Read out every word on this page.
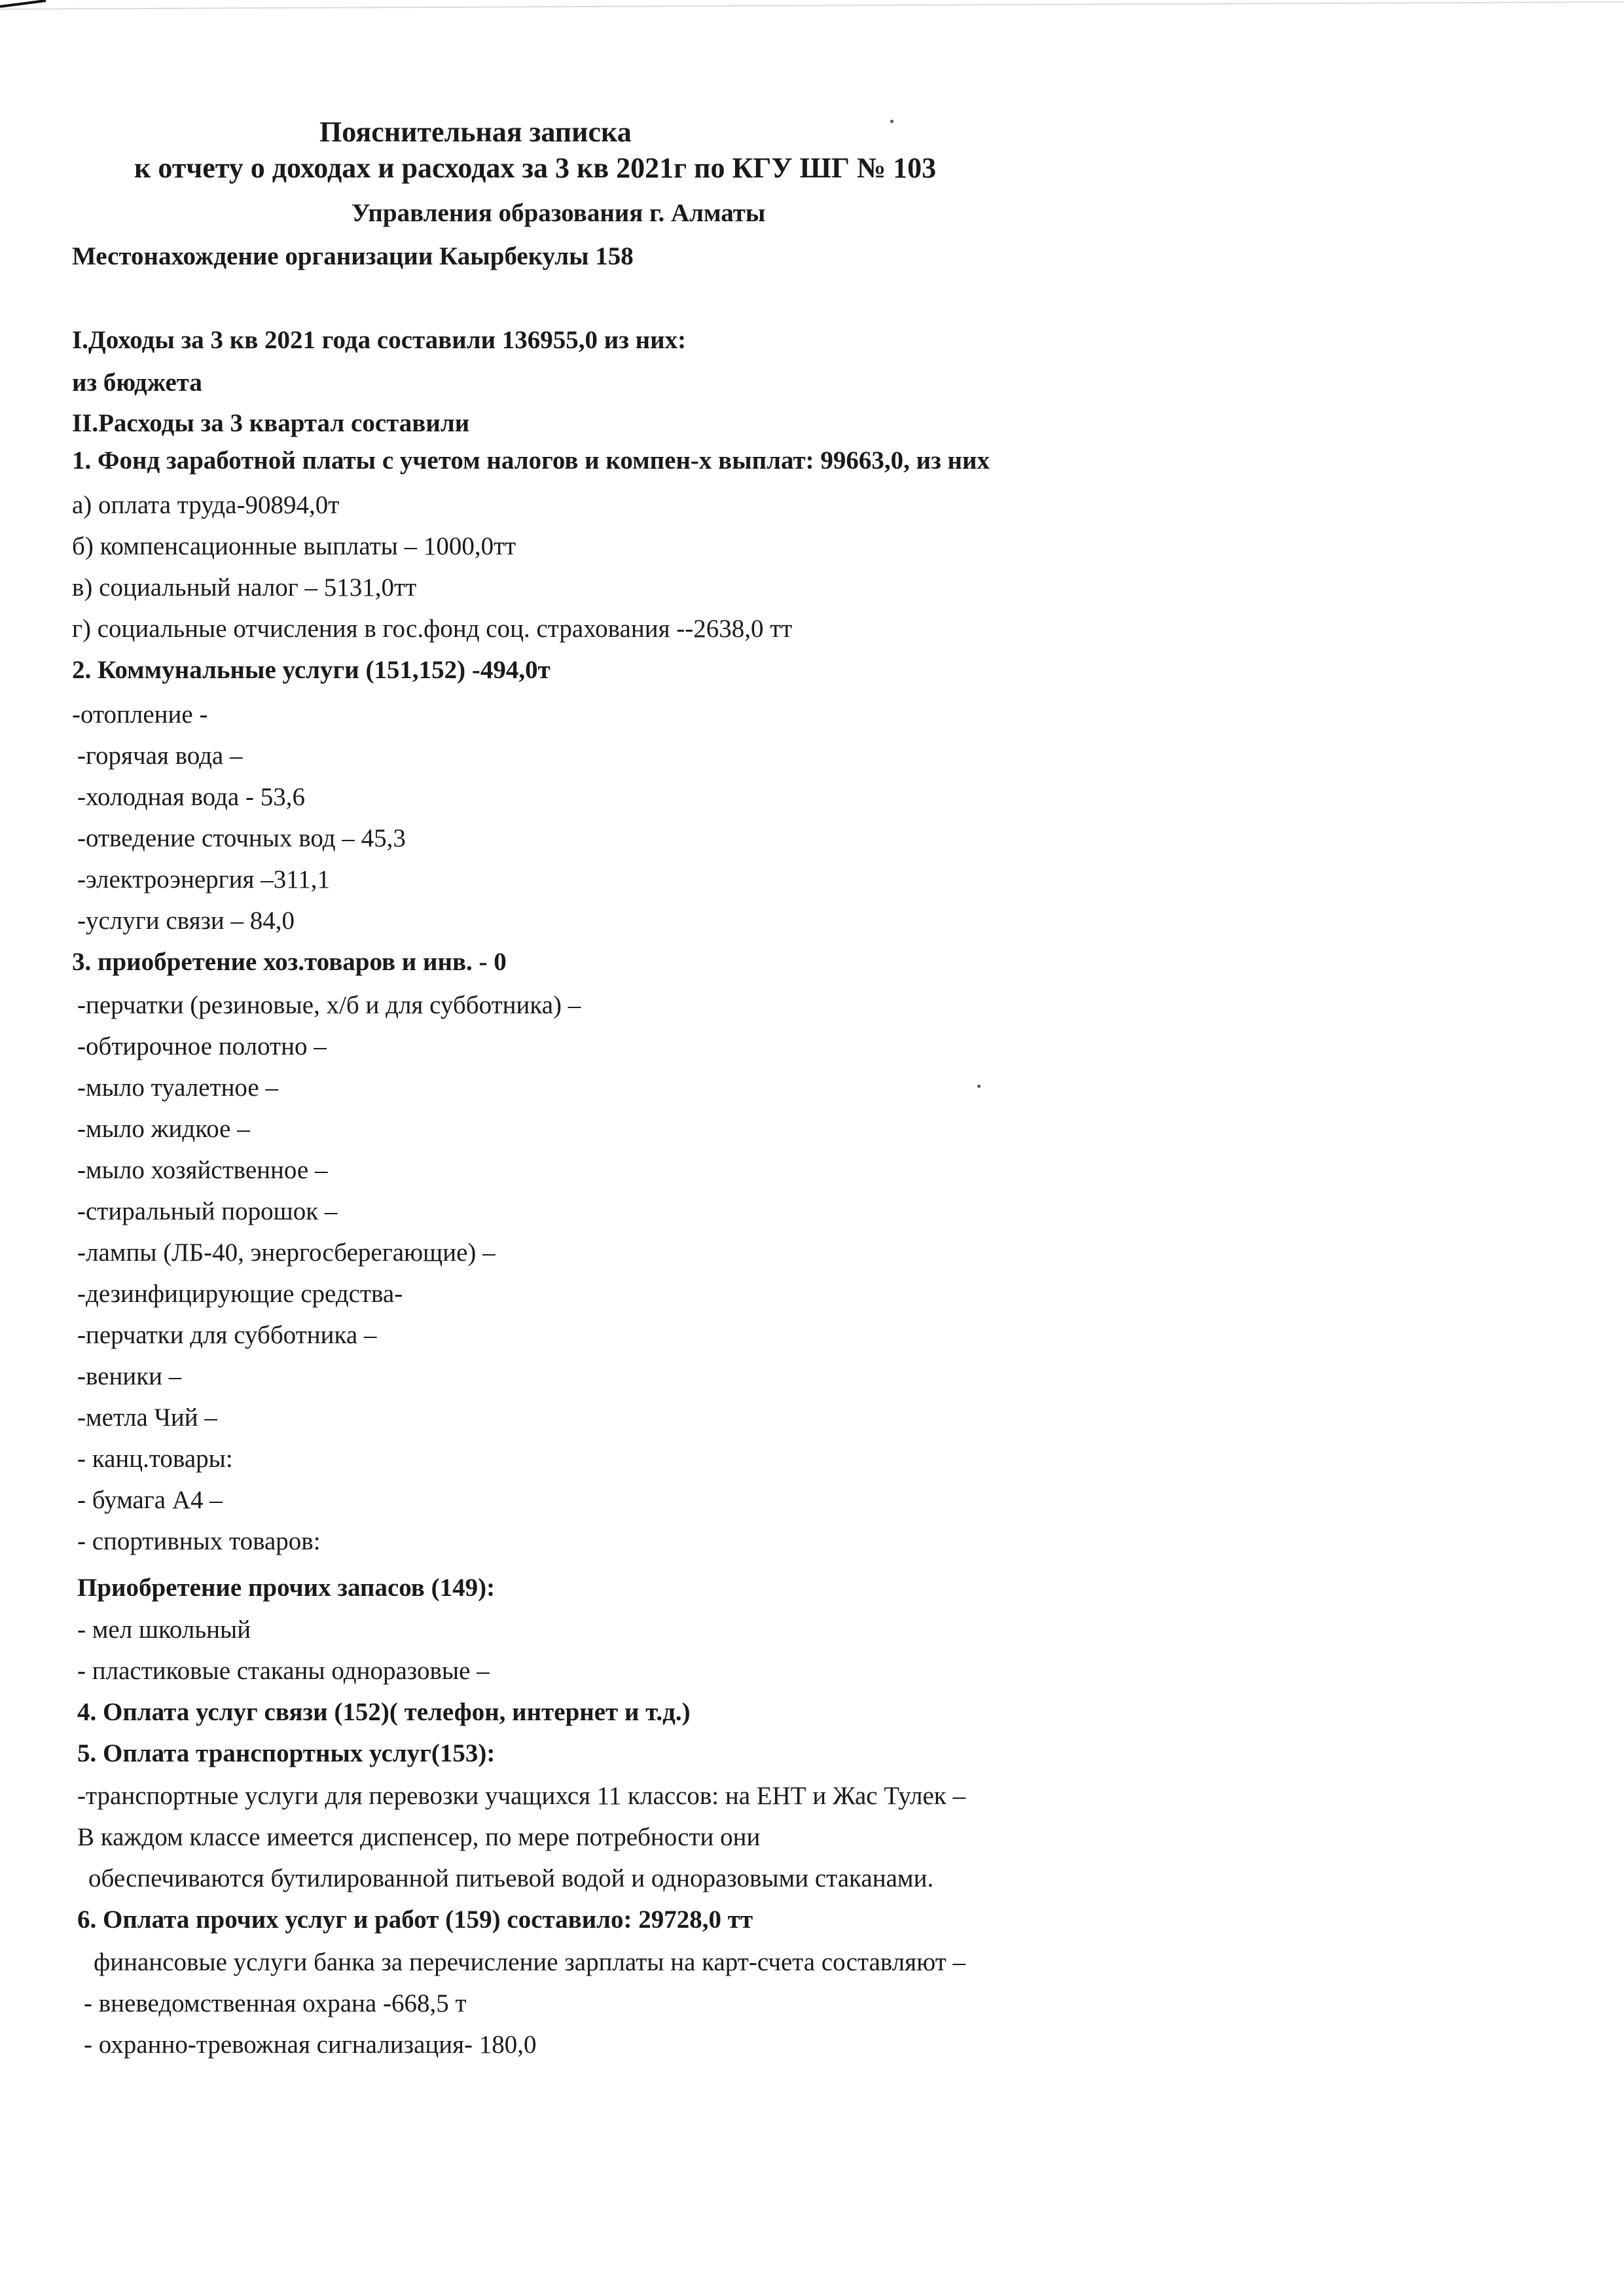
Пояснительная записка
к отчету о доходах и расходах за 3 кв 2021г по КГУ ШГ № 103
Управления образования г. Алматы
Местонахождение организации Каырбекулы 158
I.Доходы за 3 кв 2021 года составили 136955,0 из них:
из бюджета
II.Расходы за 3 квартал составили
1. Фонд заработной платы с учетом налогов и компен-х выплат: 99663,0, из них
а) оплата труда-90894,0т
б) компенсационные выплаты – 1000,0тт
в) социальный налог – 5131,0тт
г) социальные отчисления в гос.фонд соц. страхования --2638,0 тт
2. Коммунальные услуги (151,152) -494,0т
-отопление -
-горячая вода –
-холодная вода - 53,6
-отведение сточных вод – 45,3
-электроэнергия –311,1
-услуги связи – 84,0
3. приобретение хоз.товаров и инв. - 0
-перчатки (резиновые, х/б и для субботника) –
-обтирочное полотно –
-мыло туалетное –
-мыло жидкое –
-мыло хозяйственное –
-стиральный порошок –
-лампы (ЛБ-40, энергосберегающие) –
-дезинфицирующие средства-
-перчатки для субботника –
-веники –
-метла Чий –
- канц.товары:
- бумага А4 –
- спортивных товаров:
Приобретение прочих запасов (149):
- мел школьный
- пластиковые стаканы одноразовые –
4. Оплата услуг связи (152)( телефон, интернет и т.д.)
5. Оплата транспортных услуг(153):
-транспортные услуги для перевозки учащихся 11 классов: на ЕНТ и Жас Тулек –
В каждом классе имеется диспенсер, по мере потребности они
обеспечиваются бутилированной питьевой водой и одноразовыми стаканами.
6. Оплата прочих услуг и работ (159) составило: 29728,0 тт
финансовые услуги банка за перечисление зарплаты на карт-счета составляют –
- вневедомственная охрана -668,5 т
- охранно-тревожная сигнализация- 180,0
